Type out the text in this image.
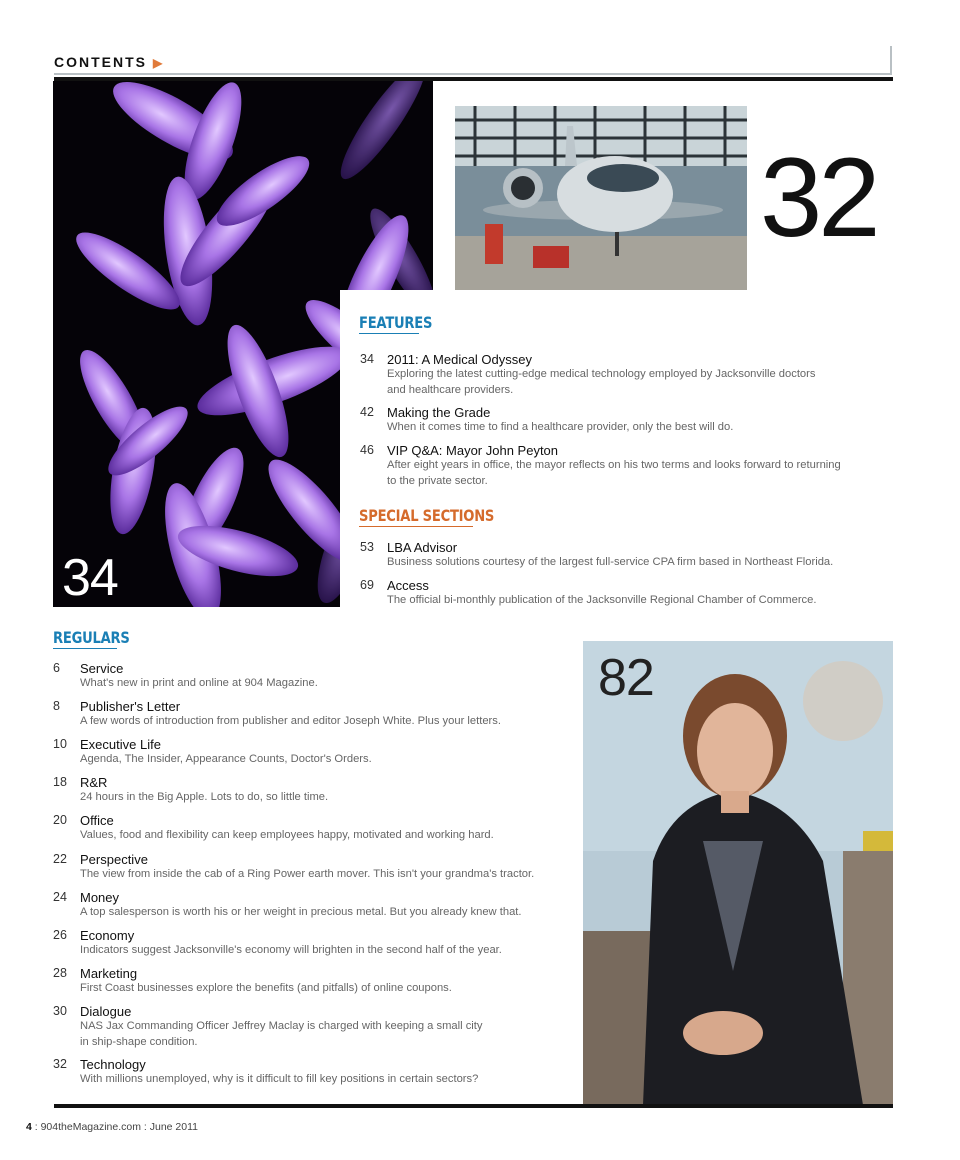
CONTENTS ▶
34
32
FEATURES
34 2011: A Medical Odyssey
Exploring the latest cutting-edge medical technology employed by Jacksonville doctors
and healthcare providers.
42 Making the Grade
When it comes time to find a healthcare provider, only the best will do.
46 VIP Q&A: Mayor John Peyton
After eight years in office, the mayor reflects on his two terms and looks forward to returning
to the private sector.
SPECIAL SECTIONS
53 LBA Advisor
Business solutions courtesy of the largest full-service CPA firm based in Northeast Florida.
69 Access
The official bi-monthly publication of the Jacksonville Regional Chamber of Commerce.
REGULARS
6 Service
What's new in print and online at 904 Magazine.
8 Publisher's Letter
A few words of introduction from publisher and editor Joseph White. Plus your letters.
10 Executive Life
Agenda, The Insider, Appearance Counts, Doctor's Orders.
18 R&R
24 hours in the Big Apple. Lots to do, so little time.
20 Office
Values, food and flexibility can keep employees happy, motivated and working hard.
22 Perspective
The view from inside the cab of a Ring Power earth mover. This isn't your grandma's tractor.
24 Money
A top salesperson is worth his or her weight in precious metal. But you already knew that.
26 Economy
Indicators suggest Jacksonville's economy will brighten in the second half of the year.
28 Marketing
First Coast businesses explore the benefits (and pitfalls) of online coupons.
30 Dialogue
NAS Jax Commanding Officer Jeffrey Maclay is charged with keeping a small city
in ship-shape condition.
32 Technology
With millions unemployed, why is it difficult to fill key positions in certain sectors?
82
4 : 904theMagazine.com : June 2011
